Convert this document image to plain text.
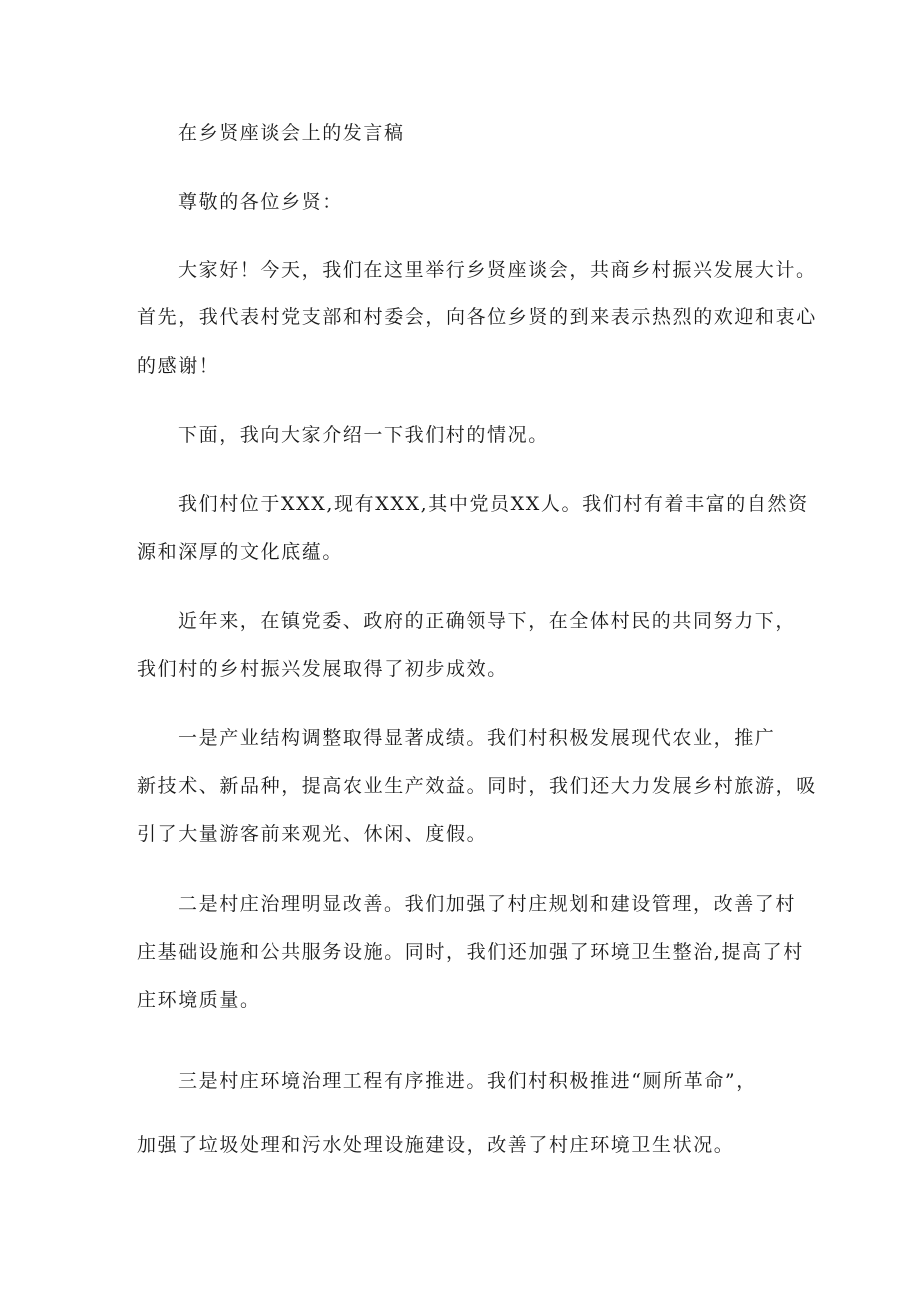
在乡贤座谈会上的发言稿

尊敬的各位乡贤：

大家好！今天，我们在这里举行乡贤座谈会，共商乡村振兴发展大计。

首先，我代表村党支部和村委会，向各位乡贤的到来表示热烈的欢迎和衷心

的感谢！

下面，我向大家介绍一下我们村的情况。

我们村位于XXX,现有XXX,其中党员XX人。我们村有着丰富的自然资

源和深厚的文化底蕴。

近年来，在镇党委、政府的正确领导下，在全体村民的共同努力下，

我们村的乡村振兴发展取得了初步成效。

一是产业结构调整取得显著成绩。我们村积极发展现代农业，推广

新技术、新品种，提高农业生产效益。同时，我们还大力发展乡村旅游，吸

引了大量游客前来观光、休闲、度假。

二是村庄治理明显改善。我们加强了村庄规划和建设管理，改善了村

庄基础设施和公共服务设施。同时，我们还加强了环境卫生整治,提高了村

庄环境质量。

三是村庄环境治理工程有序推进。我们村积极推进“厕所革命”，

加强了垃圾处理和污水处理设施建设，改善了村庄环境卫生状况。
